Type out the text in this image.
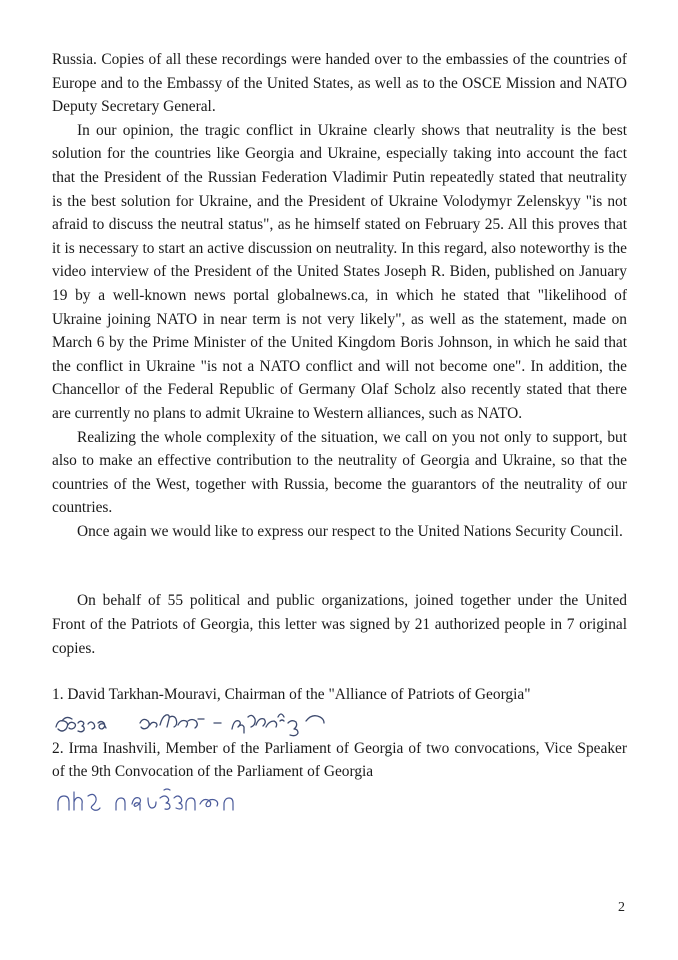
Russia. Copies of all these recordings were handed over to the embassies of the countries of Europe and to the Embassy of the United States, as well as to the OSCE Mission and NATO Deputy Secretary General.

In our opinion, the tragic conflict in Ukraine clearly shows that neutrality is the best solution for the countries like Georgia and Ukraine, especially taking into account the fact that the President of the Russian Federation Vladimir Putin repeatedly stated that neutrality is the best solution for Ukraine, and the President of Ukraine Volodymyr Zelenskyy "is not afraid to discuss the neutral status", as he himself stated on February 25. All this proves that it is necessary to start an active discussion on neutrality. In this regard, also noteworthy is the video interview of the President of the United States Joseph R. Biden, published on January 19 by a well-known news portal globalnews.ca, in which he stated that "likelihood of Ukraine joining NATO in near term is not very likely", as well as the statement, made on March 6 by the Prime Minister of the United Kingdom Boris Johnson, in which he said that the conflict in Ukraine "is not a NATO conflict and will not become one". In addition, the Chancellor of the Federal Republic of Germany Olaf Scholz also recently stated that there are currently no plans to admit Ukraine to Western alliances, such as NATO.

Realizing the whole complexity of the situation, we call on you not only to support, but also to make an effective contribution to the neutrality of Georgia and Ukraine, so that the countries of the West, together with Russia, become the guarantors of the neutrality of our countries.

Once again we would like to express our respect to the United Nations Security Council.

On behalf of 55 political and public organizations, joined together under the United Front of the Patriots of Georgia, this letter was signed by 21 authorized people in 7 original copies.

1. David Tarkhan-Mouravi, Chairman of the "Alliance of Patriots of Georgia"

2. Irma Inashvili, Member of the Parliament of Georgia of two convocations, Vice Speaker of the 9th Convocation of the Parliament of Georgia

2
